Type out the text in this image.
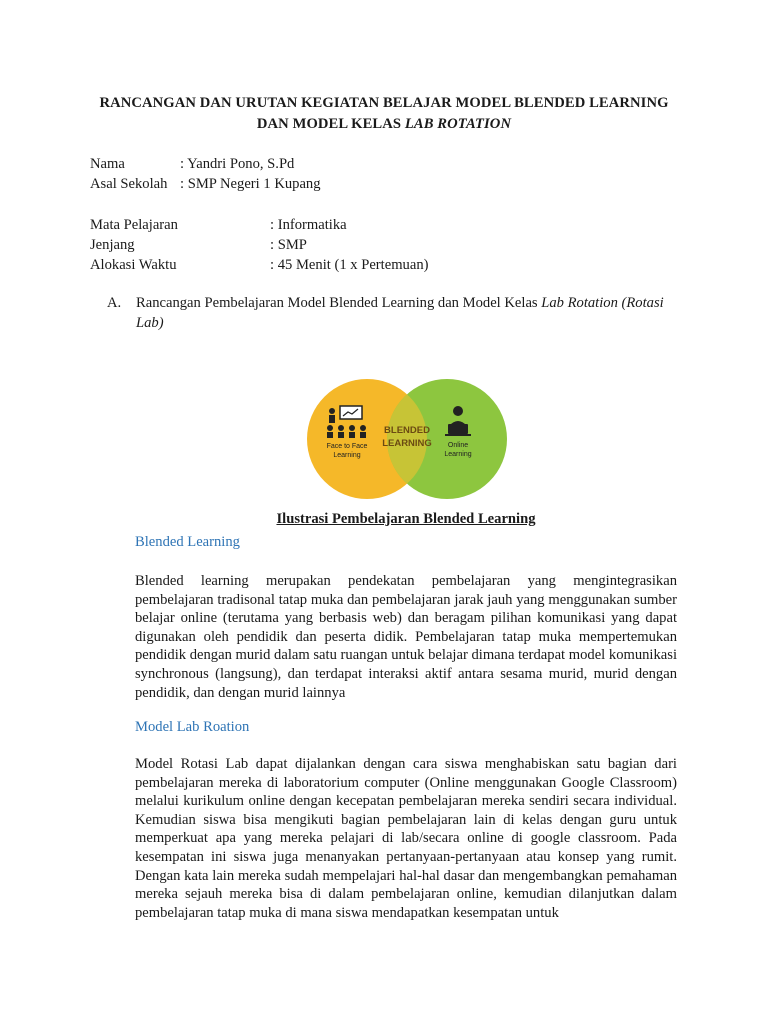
RANCANGAN DAN URUTAN KEGIATAN BELAJAR MODEL BLENDED LEARNING
DAN MODEL KELAS LAB ROTATION
Nama	: Yandri Pono, S.Pd
Asal Sekolah : SMP Negeri 1 Kupang
Mata Pelajaran	: Informatika
Jenjang	: SMP
Alokasi Waktu	: 45 Menit (1 x Pertemuan)
A. Rancangan Pembelajaran Model Blended Learning dan Model Kelas Lab Rotation (Rotasi Lab)
Face to Face
Learning
BLENDED
LEARNING Online
Learning
Ilustrasi Pembelajaran Blended Learning
Blended Learning
Blended learning merupakan pendekatan pembelajaran yang mengintegrasikan pembelajaran tradisonal tatap muka dan pembelajaran jarak jauh yang menggunakan sumber belajar online (terutama yang berbasis web) dan beragam pilihan komunikasi yang dapat digunakan oleh pendidik dan peserta didik. Pembelajaran tatap muka mempertemukan pendidik dengan murid dalam satu ruangan untuk belajar dimana terdapat model komunikasi synchronous (langsung), dan terdapat interaksi aktif antara sesama murid, murid dengan pendidik, dan dengan murid lainnya
Model Lab Roation
Model Rotasi Lab dapat dijalankan dengan cara siswa menghabiskan satu bagian dari pembelajaran mereka di laboratorium computer (Online menggunakan Google Classroom) melalui kurikulum online dengan kecepatan pembelajaran mereka sendiri secara individual. Kemudian siswa bisa mengikuti bagian pembelajaran lain di kelas dengan guru untuk memperkuat apa yang mereka pelajari di lab/secara online di google classroom. Pada kesempatan ini siswa juga menanyakan pertanyaan-pertanyaan atau konsep yang rumit. Dengan kata lain mereka sudah mempelajari hal-hal dasar dan mengembangkan pemahaman mereka sejauh mereka bisa di dalam pembelajaran online, kemudian dilanjutkan dalam pembelajaran tatap muka di mana siswa mendapatkan kesempatan untuk
